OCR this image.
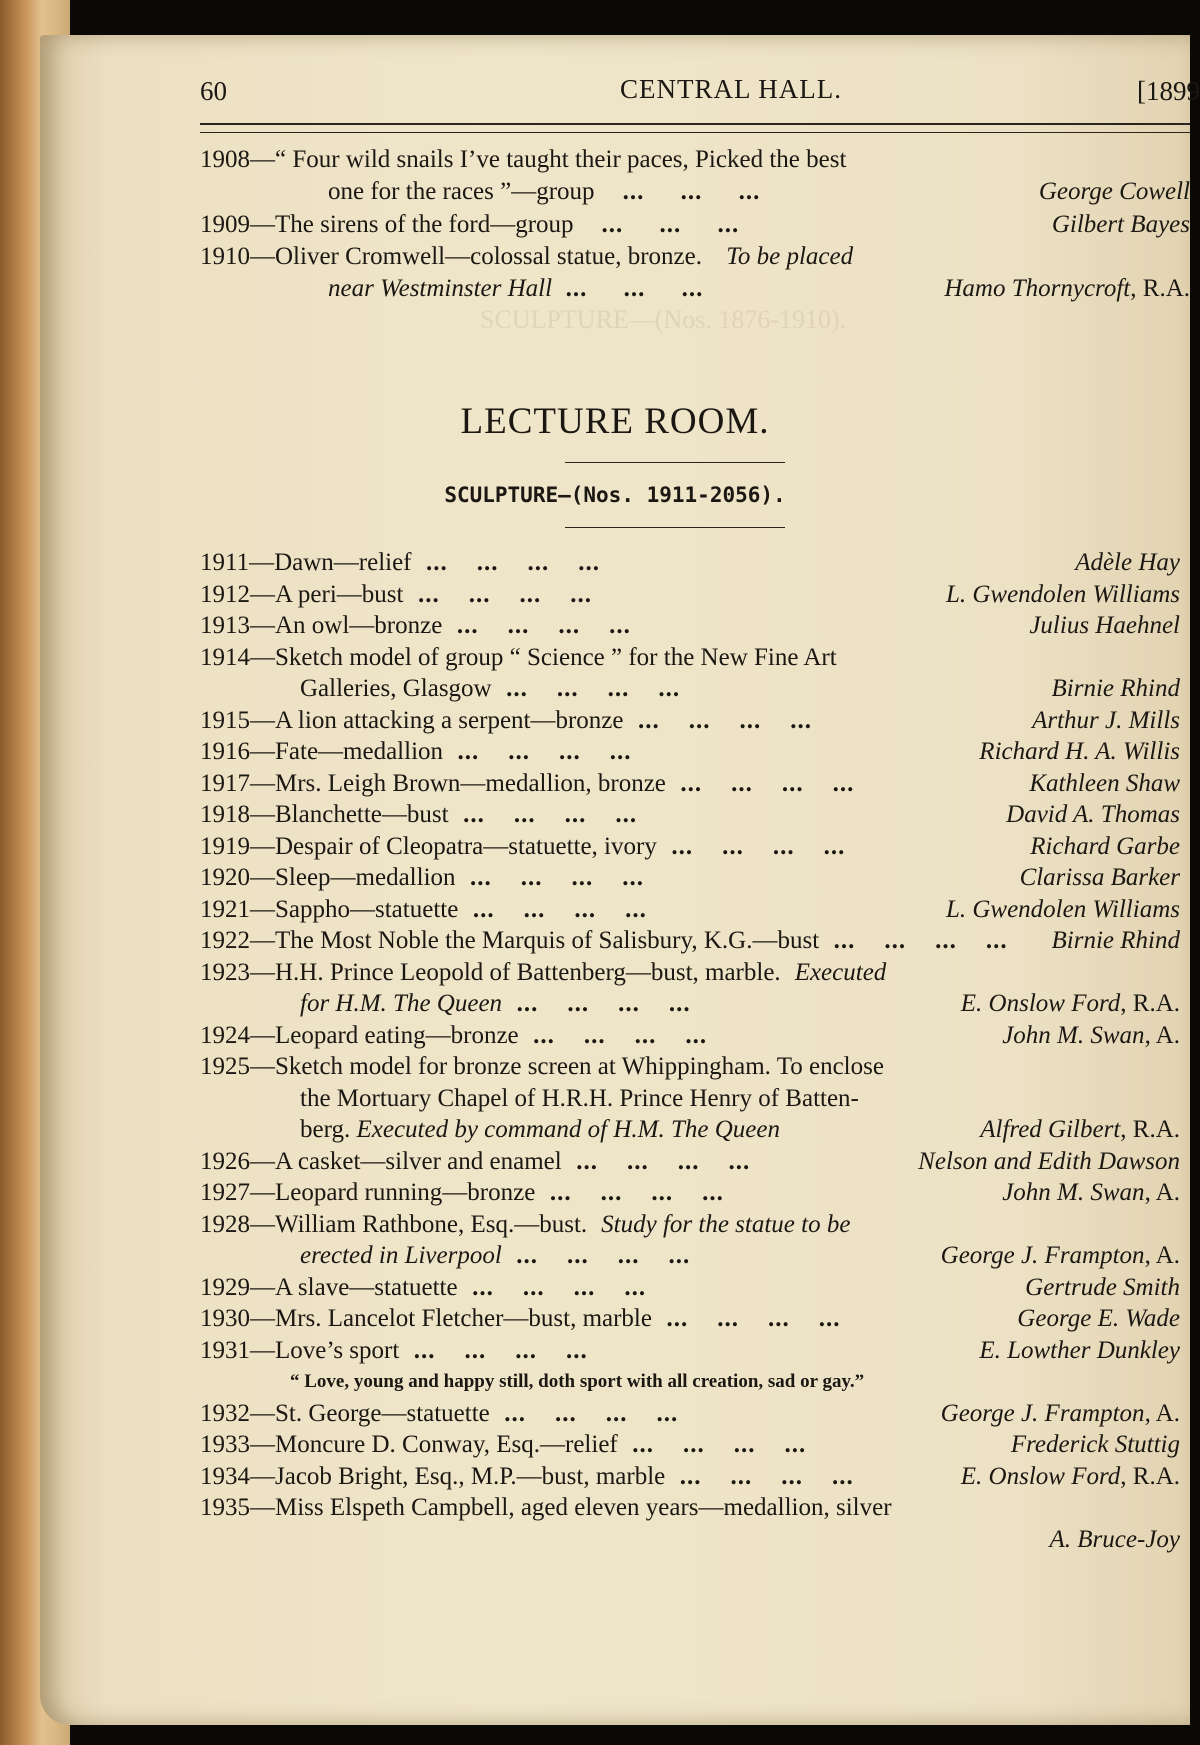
SCULPTURE—(Nos. 1876-1910).
60	CENTRAL HALL.	[1899
1908—“ Four wild snails I’ve taught their paces, Picked the best
one for the races ”—group    ...     ...     ...	George Cowell
1909—The sirens of the ford—group    ...     ...     ...	Gilbert Bayes
1910—Oliver Cromwell—colossal statue, bronze. To be placed
near Westminster Hall  ...     ...     ...	Hamo Thornycroft, R.A.
LECTURE ROOM.
SCULPTURE—(Nos. 1911-2056).
1911—Dawn—relief  ...    ...    ...    ...	Adèle Hay
1912—A peri—bust  ...    ...    ...    ...	L. Gwendolen Williams
1913—An owl—bronze  ...    ...    ...    ...	Julius Haehnel
1914—Sketch model of group “ Science ” for the New Fine Art
Galleries, Glasgow  ...    ...    ...    ...	Birnie Rhind
1915—A lion attacking a serpent—bronze  ...    ...    ...    ...	Arthur J. Mills
1916—Fate—medallion  ...    ...    ...    ...	Richard H. A. Willis
1917—Mrs. Leigh Brown—medallion, bronze  ...    ...    ...    ...	Kathleen Shaw
1918—Blanchette—bust  ...    ...    ...    ...	David A. Thomas
1919—Despair of Cleopatra—statuette, ivory  ...    ...    ...    ...	Richard Garbe
1920—Sleep—medallion  ...    ...    ...    ...	Clarissa Barker
1921—Sappho—statuette  ...    ...    ...    ...	L. Gwendolen Williams
1922—The Most Noble the Marquis of Salisbury, K.G.—bust  ...    ...    ...    ... Birnie Rhind
1923—H.H. Prince Leopold of Battenberg—bust, marble. Executed
for H.M. The Queen  ...    ...    ...    ...	E. Onslow Ford, R.A.
1924—Leopard eating—bronze  ...    ...    ...    ...	John M. Swan, A.
1925—Sketch model for bronze screen at Whippingham. To enclose
the Mortuary Chapel of H.R.H. Prince Henry of Batten-
berg. Executed by command of H.M. The Queen	Alfred Gilbert, R.A.
1926—A casket—silver and enamel  ...    ...    ...    ...	Nelson and Edith Dawson
1927—Leopard running—bronze  ...    ...    ...    ...	John M. Swan, A.
1928—William Rathbone, Esq.—bust. Study for the statue to be
erected in Liverpool  ...    ...    ...    ...	George J. Frampton, A.
1929—A slave—statuette  ...    ...    ...    ...	Gertrude Smith
1930—Mrs. Lancelot Fletcher—bust, marble  ...    ...    ...    ...	George E. Wade
1931—Love’s sport  ...    ...    ...    ...	E. Lowther Dunkley
“ Love, young and happy still, doth sport with all creation, sad or gay.”
1932—St. George—statuette  ...    ...    ...    ...	George J. Frampton, A.
1933—Moncure D. Conway, Esq.—relief  ...    ...    ...    ...	Frederick Stuttig
1934—Jacob Bright, Esq., M.P.—bust, marble  ...    ...    ...    ...	E. Onslow Ford, R.A.
1935—Miss Elspeth Campbell, aged eleven years—medallion, silver
A. Bruce-Joy
